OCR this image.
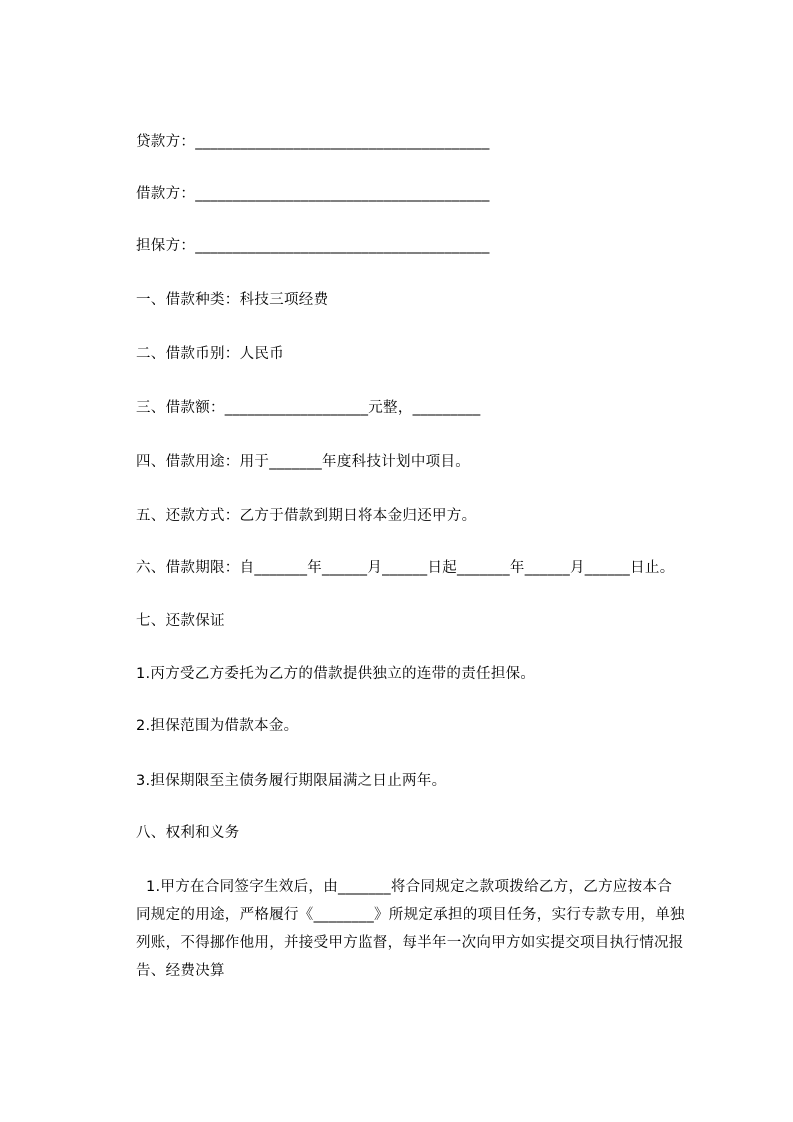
贷款方：_______________________________________
借款方：_______________________________________
担保方：_______________________________________
一、借款种类：科技三项经费
二、借款币别：人民币
三、借款额：___________________元整，_________
四、借款用途：用于_______年度科技计划中项目。
五、还款方式：乙方于借款到期日将本金归还甲方。
六、借款期限：自_______年______月______日起_______年______月______日止。
七、还款保证
1.丙方受乙方委托为乙方的借款提供独立的连带的责任担保。
2.担保范围为借款本金。
3.担保期限至主债务履行期限届满之日止两年。
八、权利和义务
1.甲方在合同签字生效后，由_______将合同规定之款项拨给乙方，乙方应按本合
同规定的用途，严格履行《________》所规定承担的项目任务，实行专款专用，单独
列账，不得挪作他用，并接受甲方监督，每半年一次向甲方如实提交项目执行情况报
告、经费决算
